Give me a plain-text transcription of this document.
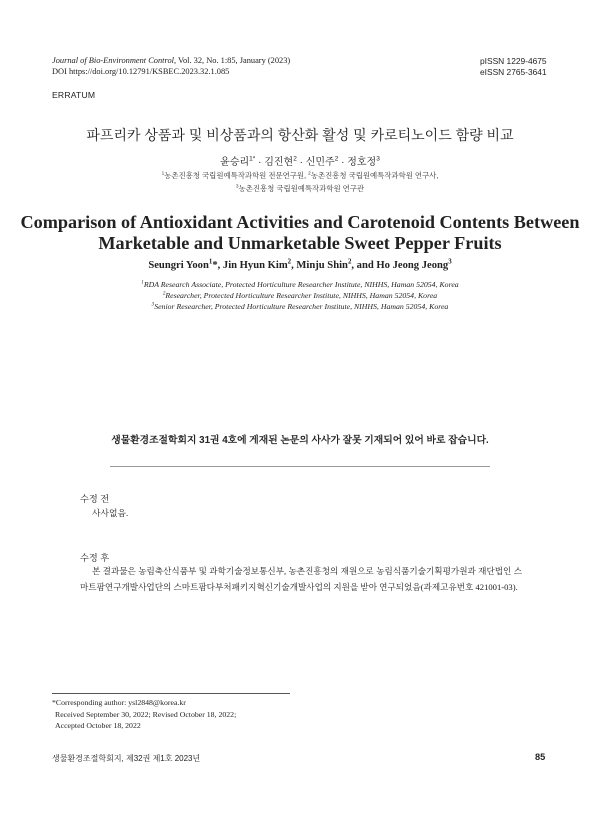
Journal of Bio-Environment Control, Vol. 32, No. 1:85, January (2023)
DOI https://doi.org/10.12791/KSBEC.2023.32.1.085
pISSN 1229-4675
eISSN 2765-3641
ERRATUM
파프리카 상품과 및 비상품과의 항산화 활성 및 카로티노이드 함량 비교
윤승리$^{1*}$ · 김진현$^2$ · 신민주$^2$ · 정호정$^3$
$^1$농촌진흥청 국립원예특작과학원 전문연구원, $^2$농촌진흥청 국립원예특작과학원 연구사,
$^3$농촌진흥청 국립원예특작과학원 연구관
Comparison of Antioxidant Activities and Carotenoid Contents Between
Marketable and Unmarketable Sweet Pepper Fruits
Seungri Yoon$^1$*, Jin Hyun Kim$^2$, Minju Shin$^2$, and Ho Jeong Jeong$^3$
$^1$RDA Research Associate, Protected Horticulture Researcher Institute, NIHHS, Haman 52054, Korea
$^2$Researcher, Protected Horticulture Researcher Institute, NIHHS, Haman 52054, Korea
$^3$Senior Researcher, Protected Horticulture Researcher Institute, NIHHS, Haman 52054, Korea
생물환경조절학회지 31권 4호에 게재된 논문의 사사가 잘못 기재되어 있어 바로 잡습니다.
수정 전
사사없음.
수정 후
본 결과물은 농림축산식품부 및 과학기술정보통신부, 농촌진흥청의 재원으로 농림식품기술기획평가원과 재단법인 스마트팜연구개발사업단의 스마트팜다부처패키지혁신기술개발사업의 지원을 받아 연구되었음(과제고유번호 421001-03).
*Corresponding author: ysl2848@korea.kr
Received September 30, 2022; Revised October 18, 2022;
Accepted October 18, 2022
생물환경조절학회지, 제32권 제1호 2023년	85
